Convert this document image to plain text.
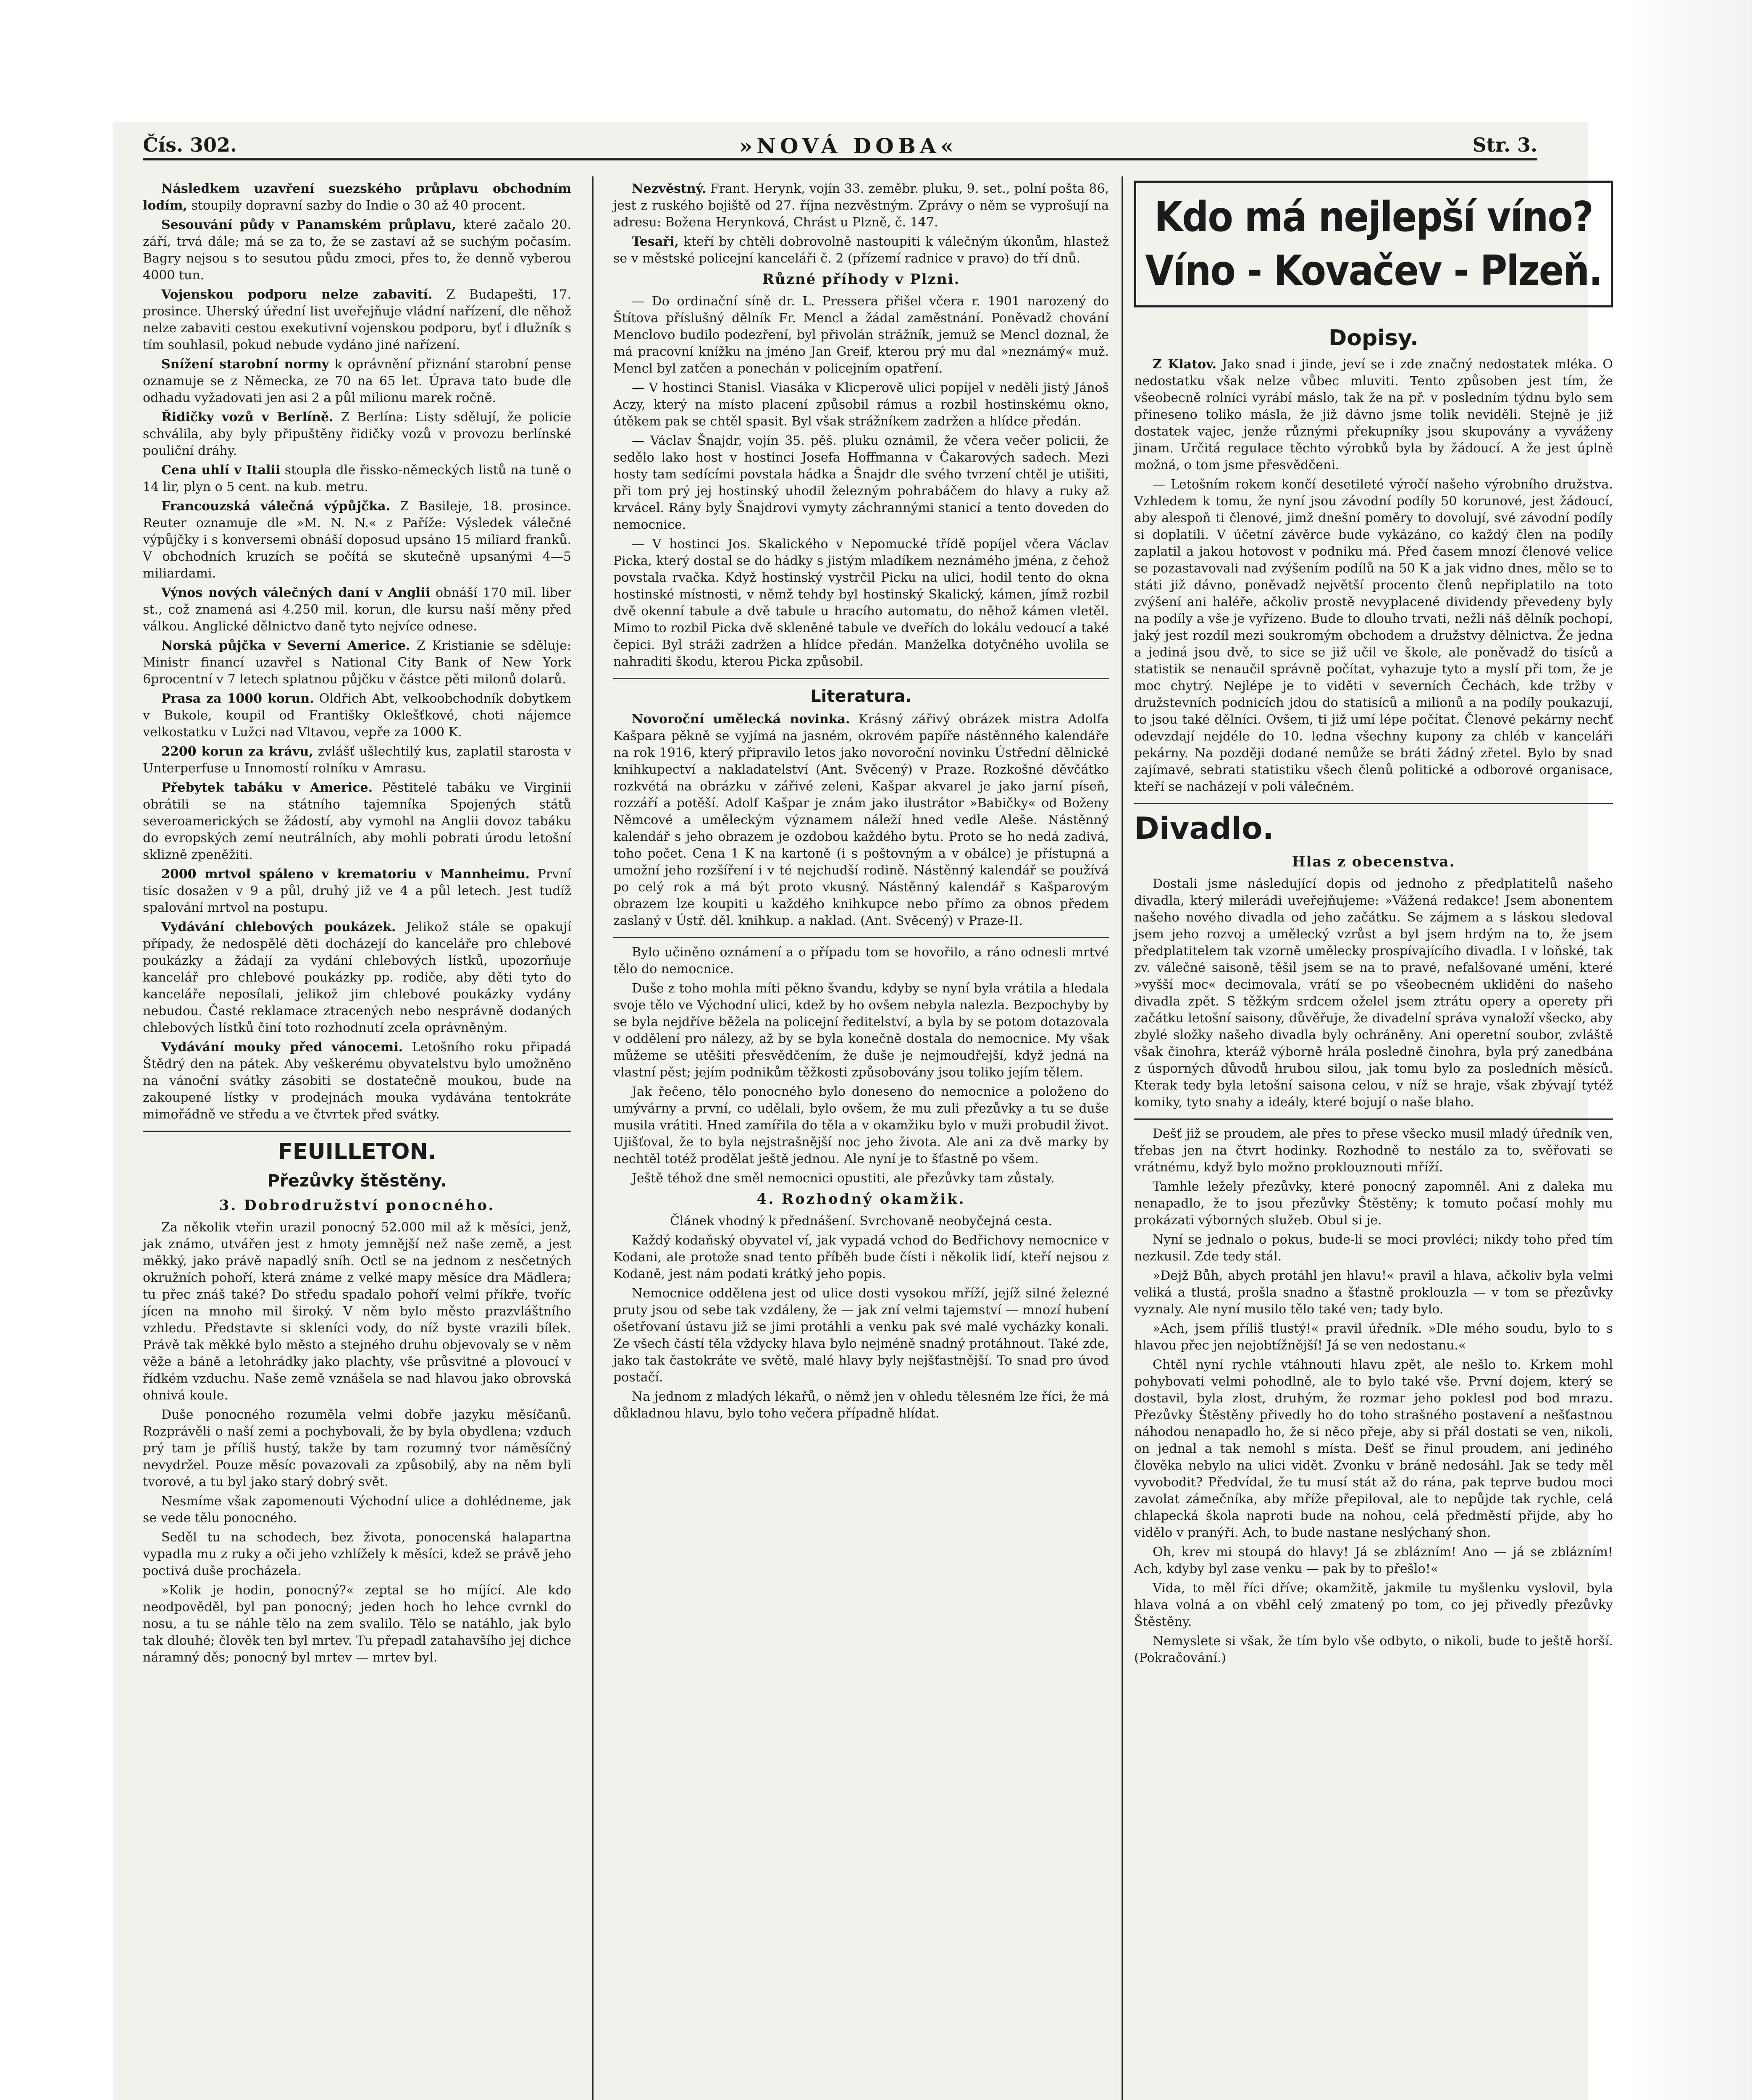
Čís. 302.	»NOVÁ DOBA«	Str. 3.

Následkem uzavření suezského průplavu obchodním lodím, stoupily dopravní sazby do Indie o 30 až 40 procent.

Sesouvání půdy v Panamském průplavu, které začalo 20. září, trvá dále; má se za to, že se zastaví až se suchým počasím. Bagry nejsou s to sesutou půdu zmoci, přes to, že denně vyberou 4000 tun.

Vojenskou podporu nelze zabavití. Z Budapešti, 17. prosince. Uherský úřední list uveřejňuje vládní nařízení, dle něhož nelze zabaviti cestou exekutivní vojenskou podporu, byť i dlužník s tím souhlasil, pokud nebude vydáno jiné nařízení.

Snížení starobní normy k oprávnění přiznání starobní pense oznamuje se z Německa, ze 70 na 65 let. Úprava tato bude dle odhadu vyžadovati jen asi 2 a půl milionu marek ročně.

Řidičky vozů v Berlíně. Z Berlína: Listy sdělují, že policie schválila, aby byly připuštěny řidičky vozů v provozu berlínské pouliční dráhy.

Cena uhlí v Italii stoupla dle řissko-německých listů na tuně o 14 lir, plyn o 5 cent. na kub. metru.

Francouzská válečná výpůjčka. Z Basileje, 18. prosince. Reuter oznamuje dle »M. N. N.« z Paříže: Výsledek válečné výpůjčky i s konversemi obnáší doposud upsáno 15 miliard franků. V obchodních kruzích se počítá se skutečně upsanými 4—5 miliardami.

Výnos nových válečných daní v Anglii obnáší 170 mil. liber st., což znamená asi 4.250 mil. korun, dle kursu naší měny před válkou. Anglické dělnictvo daně tyto nejvíce odnese.

Norská půjčka v Severní Americe. Z Kristianie se sděluje: Ministr financí uzavřel s National City Bank of New York 6procentní v 7 letech splatnou půjčku v částce pěti milonů dolarů.

Prasa za 1000 korun. Oldřich Abt, velkoobchodník dobytkem v Bukole, koupil od Františky Oklešťkové, choti nájemce velkostatku v Lužci nad Vltavou, vepře za 1000 K.

2200 korun za krávu, zvlášť ušlechtilý kus, zaplatil starosta v Unterperfuse u Innomostí rolníku v Amrasu.

Přebytek tabáku v Americe. Pěstitelé tabáku ve Virginii obrátili se na státního tajemníka Spojených států severoamerických se žádostí, aby vymohl na Anglii dovoz tabáku do evropských zemí neutrálních, aby mohli pobrati úrodu letošní sklizně zpeněžiti.

2000 mrtvol spáleno v krematoriu v Mannheimu. První tisíc dosažen v 9 a půl, druhý již ve 4 a půl letech. Jest tudíž spalování mrtvol na postupu.

Vydávání chlebových poukázek. Jelikož stále se opakují případy, že nedospělé děti docházejí do kanceláře pro chlebové poukázky a žádají za vydání chlebových lístků, upozorňuje kancelář pro chlebové poukázky pp. rodiče, aby děti tyto do kanceláře neposílali, jelikož jim chlebové poukázky vydány nebudou. Časté reklamace ztracených nebo nesprávně dodaných chlebových lístků činí toto rozhodnutí zcela oprávněným.

Vydávání mouky před vánocemi. Letošního roku připadá Štědrý den na pátek. Aby veškerému obyvatelstvu bylo umožněno na vánoční svátky zásobiti se dostatečně moukou, bude na zakoupené lístky v prodejnách mouka vydávána tentokráte mimořádně ve středu a ve čtvrtek před svátky.

FEUILLETON.
Přezůvky štěstěny.
3. Dobrodružství ponocného.

Za několik vteřin urazil ponocný 52.000 mil až k měsíci, jenž, jak známo, utvářen jest z hmoty jemnější než naše země, a jest měkký, jako právě napadlý sníh. Octl se na jednom z nesčetných okružních pohoří, která známe z velké mapy měsíce dra Mädlera; tu přec znáš také? Do středu spadalo pohoří velmi příkře, tvoříc jícen na mnoho mil široký. V něm bylo město prazvláštního vzhledu. Představte si skleníci vody, do níž byste vrazili bílek. Právě tak měkké bylo město a stejného druhu objevovaly se v něm věže a báně a letohrádky jako plachty, vše průsvitné a plovoucí v řídkém vzduchu. Naše země vznášela se nad hlavou jako obrovská ohnivá koule.

Duše ponocného rozuměla velmi dobře jazyku měsíčanů. Rozprávěli o naší zemi a pochybovali, že by byla obydlena; vzduch prý tam je příliš hustý, takže by tam rozumný tvor náměsíčný nevydržel. Pouze měsíc povazovali za způsobilý, aby na něm byli tvorové, a tu byl jako starý dobrý svět.

Nesmíme však zapomenouti Východní ulice a dohlédneme, jak se vede tělu ponocného.

Seděl tu na schodech, bez života, ponocenská halapartna vypadla mu z ruky a oči jeho vzhlížely k měsíci, kdež se právě jeho poctivá duše procházela.

»Kolik je hodin, ponocný?« zeptal se ho míjící. Ale kdo neodpověděl, byl pan ponocný; jeden hoch ho lehce cvrnkl do nosu, a tu se náhle tělo na zem svalilo. Tělo se natáhlo, jak bylo tak dlouhé; člověk ten byl mrtev. Tu přepadl zatahavšího jej dichce náramný děs; ponocný byl mrtev — mrtev byl.

Nezvěstný. Frant. Herynk, vojín 33. zeměbr. pluku, 9. set., polní pošta 86, jest z ruského bojiště od 27. října nezvěstným. Zprávy o něm se vyprošují na adresu: Božena Herynková, Chrást u Plzně, č. 147.

Tesaři, kteří by chtěli dobrovolně nastoupiti k válečným úkonům, hlastež se v městské policejní kanceláři č. 2 (přízemí radnice v pravo) do tří dnů.

Různé příhody v Plzni.

— Do ordinační síně dr. L. Pressera přišel včera r. 1901 narozený do Štítova příslušný dělník Fr. Mencl a žádal zaměstnání. Poněvadž chování Menclovo budilo podezření, byl přivolán strážník, jemuž se Mencl doznal, že má pracovní knížku na jméno Jan Greif, kterou prý mu dal »neznámý« muž. Mencl byl zatčen a ponechán v policejním opatření.

— V hostinci Stanisl. Viasáka v Klicperově ulici popíjel v neděli jistý Jánoš Aczy, který na místo placení způsobil rámus a rozbil hostinskému okno, útěkem pak se chtěl spasit. Byl však strážníkem zadržen a hlídce předán.

— Václav Šnajdr, vojín 35. pěš. pluku oznámil, že včera večer policii, že sedělo lako host v hostinci Josefa Hoffmanna v Čakarových sadech. Mezi hosty tam sedícími povstala hádka a Šnajdr dle svého tvrzení chtěl je utišiti, při tom prý jej hostinský uhodil železným pohrabáčem do hlavy a ruky až krvácel. Rány byly Šnajdrovi vymyty záchrannými stanicí a tento doveden do nemocnice.

— V hostinci Jos. Skalického v Nepomucké třídě popíjel včera Václav Picka, který dostal se do hádky s jistým mladíkem neznámého jména, z čehož povstala rvačka. Když hostinský vystrčil Picku na ulici, hodil tento do okna hostinské místnosti, v němž tehdy byl hostinský Skalický, kámen, jímž rozbil dvě okenní tabule a dvě tabule u hracího automatu, do něhož kámen vletěl. Mimo to rozbil Picka dvě skleněné tabule ve dveřích do lokálu vedoucí a také čepici. Byl stráži zadržen a hlídce předán. Manželka dotyčného uvolila se nahraditi škodu, kterou Picka způsobil.

Literatura.

Novoroční umělecká novinka. Krásný zářivý obrázek mistra Adolfa Kašpara pěkně se vyjímá na jasném, okrovém papíře nástěnného kalendáře na rok 1916, který připravilo letos jako novoroční novinku Ústřední dělnické knihkupectví a nakladatelství (Ant. Svěcený) v Praze. Rozkošné děvčátko rozkvétá na obrázku v zářivé zeleni, Kašpar akvarel je jako jarní píseň, rozzáří a potěší. Adolf Kašpar je znám jako ilustrátor »Babičky« od Boženy Němcové a uměleckým významem náleží hned vedle Aleše. Nástěnný kalendář s jeho obrazem je ozdobou každého bytu. Proto se ho nedá zadivá, toho počet. Cena 1 K na kartoně (i s poštovným a v obálce) je přístupná a umožní jeho rozšíření i v té nejchudší rodině. Nástěnný kalendář se používá po celý rok a má být proto vkusný. Nástěnný kalendář s Kašparovým obrazem lze koupiti u každého knihkupce nebo přímo za obnos předem zaslaný v Ústř. děl. knihkup. a naklad. (Ant. Svěcený) v Praze-II.

Bylo učiněno oznámení a o případu tom se hovořilo, a ráno odnesli mrtvé tělo do nemocnice.

Duše z toho mohla míti pěkno švandu, kdyby se nyní byla vrátila a hledala svoje tělo ve Východní ulici, kdež by ho ovšem nebyla nalezla. Bezpochyby by se byla nejdříve běžela na policejní ředitelství, a byla by se potom dotazovala v oddělení pro nálezy, až by se byla konečně dostala do nemocnice. My však můžeme se utěšiti přesvědčením, že duše je nejmoudřejší, když jedná na vlastní pěst; jejím podnikům těžkosti způsobovány jsou toliko jejím tělem.

Jak řečeno, tělo ponocného bylo doneseno do nemocnice a položeno do umývárny a první, co udělali, bylo ovšem, že mu zuli přezůvky a tu se duše musila vrátiti. Hned zamířila do těla a v okamžiku bylo v muži probudil život. Ujišťoval, že to byla nejstrašnější noc jeho života. Ale ani za dvě marky by nechtěl totéž prodělat ještě jednou. Ale nyní je to šťastně po všem.

Ještě téhož dne směl nemocnici opustiti, ale přezůvky tam zůstaly.

4. Rozhodný okamžik.

Článek vhodný k přednášení. Svrchovaně neobyčejná cesta.

Každý kodaňský obyvatel ví, jak vypadá vchod do Bedřichovy nemocnice v Kodani, ale protože snad tento příběh bude čísti i několik lidí, kteří nejsou z Kodaně, jest nám podati krátký jeho popis.

Nemocnice oddělena jest od ulice dosti vysokou mříží, jejíž silné železné pruty jsou od sebe tak vzdáleny, že — jak zní velmi tajemství — mnozí hubení ošetřovaní ústavu již se jimi protáhli a venku pak své malé vycházky konali. Ze všech částí těla vždycky hlava bylo nejméně snadný protáhnout. Také zde, jako tak častokráte ve světě, malé hlavy byly nejšťastnější. To snad pro úvod postačí.

Na jednom z mladých lékařů, o němž jen v ohledu tělesném lze říci, že má důkladnou hlavu, bylo toho večera případně hlídat.

Kdo má nejlepší víno?
Víno - Kovačev - Plzeň.
Dopisy.

Z Klatov. Jako snad i jinde, jeví se i zde značný nedostatek mléka. O nedostatku však nelze vůbec mluviti. Tento způsoben jest tím, že všeobecně rolníci vyrábí máslo, tak že na př. v posledním týdnu bylo sem přineseno toliko másla, že již dávno jsme tolik neviděli. Stejně je již dostatek vajec, jenže různými překupníky jsou skupovány a vyváženy jinam. Určitá regulace těchto výrobků byla by žádoucí. A že jest úplně možná, o tom jsme přesvědčeni.

— Letošním rokem končí desetileté výročí našeho výrobního družstva. Vzhledem k tomu, že nyní jsou závodní podíly 50 korunové, jest žádoucí, aby alespoň ti členové, jimž dnešní poměry to dovolují, své závodní podíly si doplatili. V účetní závěrce bude vykázáno, co každý člen na podíly zaplatil a jakou hotovost v podniku má. Před časem mnozí členové velice se pozastavovali nad zvýšením podílů na 50 K a jak vidno dnes, mělo se to státi již dávno, poněvadž největší procento členů nepřiplatilo na toto zvýšení ani haléře, ačkoliv prostě nevyplacené dividendy převedeny byly na podíly a vše je vyřízeno. Bude to dlouho trvati, nežli náš dělník pochopí, jaký jest rozdíl mezi soukromým obchodem a družstvy dělnictva. Že jedna a jediná jsou dvě, to sice se již učil ve škole, ale poněvadž do tisíců a statistik se nenaučil správně počítat, vyhazuje tyto a myslí při tom, že je moc chytrý. Nejlépe je to viděti v severních Čechách, kde tržby v družstevních podnicích jdou do statisíců a milionů a na podíly poukazují, to jsou také dělníci. Ovšem, ti již umí lépe počítat. Členové pekárny nechť odevzdají nejdéle do 10. ledna všechny kupony za chléb v kanceláři pekárny. Na později dodané nemůže se bráti žádný zřetel. Bylo by snad zajímavé, sebrati statistiku všech členů politické a odborové organisace, kteří se nacházejí v poli válečném.

Divadlo.
Hlas z obecenstva.

Dostali jsme následující dopis od jednoho z předplatitelů našeho divadla, který milerádi uveřejňujeme: »Vážená redakce! Jsem abonentem našeho nového divadla od jeho začátku. Se zájmem a s láskou sledoval jsem jeho rozvoj a umělecký vzrůst a byl jsem hrdým na to, že jsem předplatitelem tak vzorně umělecky prospívajícího divadla. I v loňské, tak zv. válečné saisoně, těšil jsem se na to pravé, nefalšované umění, které »vyšší moc« decimovala, vrátí se po všeobecném ukliděni do našeho divadla zpět. S těžkým srdcem oželel jsem ztrátu opery a operety při začátku letošní saisony, důvěřuje, že divadelní správa vynaloží všecko, aby zbylé složky našeho divadla byly ochráněny. Ani operetní soubor, zvláště však činohra, kteráž výborně hrála posledně činohra, byla prý zanedbána z úsporných důvodů hrubou silou, jak tomu bylo za posledních měsíců. Kterak tedy byla letošní saisona celou, v níž se hraje, však zbývají tytéž komiky, tyto snahy a ideály, které bojují o naše blaho.

Dešť již se proudem, ale přes to přese všecko musil mladý úředník ven, třebas jen na čtvrt hodinky. Rozhodně to nestálo za to, svěřovati se vrátnému, když bylo možno proklouznouti mříží.

Tamhle ležely přezůvky, které ponocný zapomněl. Ani z daleka mu nenapadlo, že to jsou přezůvky Štěstěny; k tomuto počasí mohly mu prokázati výborných služeb. Obul si je.

Nyní se jednalo o pokus, bude-li se moci provléci; nikdy toho před tím nezkusil. Zde tedy stál.

»Dejž Bůh, abych protáhl jen hlavu!« pravil a hlava, ačkoliv byla velmi veliká a tlustá, prošla snadno a šťastně proklouzla — v tom se přezůvky vyznaly. Ale nyní musilo tělo také ven; tady bylo.

»Ach, jsem příliš tlustý!« pravil úředník. »Dle mého soudu, bylo to s hlavou přec jen nejobtížnější! Já se ven nedostanu.«

Chtěl nyní rychle vtáhnouti hlavu zpět, ale nešlo to. Krkem mohl pohybovati velmi pohodlně, ale to bylo také vše. První dojem, který se dostavil, byla zlost, druhým, že rozmar jeho poklesl pod bod mrazu. Přezůvky Štěstěny přivedly ho do toho strašného postavení a nešťastnou náhodou nenapadlo ho, že si něco přeje, aby si přál dostati se ven, nikoli, on jednal a tak nemohl s místa. Dešť se řinul proudem, ani jediného člověka nebylo na ulici vidět. Zvonku v bráně nedosáhl. Jak se tedy měl vyvobodit? Předvídal, že tu musí stát až do rána, pak teprve budou moci zavolat zámečníka, aby mříže přepiloval, ale to nepůjde tak rychle, celá chlapecká škola naproti bude na nohou, celá předměstí přijde, aby ho vidělo v pranýři. Ach, to bude nastane neslýchaný shon.

Oh, krev mi stoupá do hlavy! Já se zblázním! Ano — já se zblázním! Ach, kdyby byl zase venku — pak by to přešlo!«

Vida, to měl říci dříve; okamžitě, jakmile tu myšlenku vyslovil, byla hlava volná a on vběhl celý zmatený po tom, co jej přivedly přezůvky Štěstěny.

Nemyslete si však, že tím bylo vše odbyto, o nikoli, bude to ještě horší. (Pokračování.)
